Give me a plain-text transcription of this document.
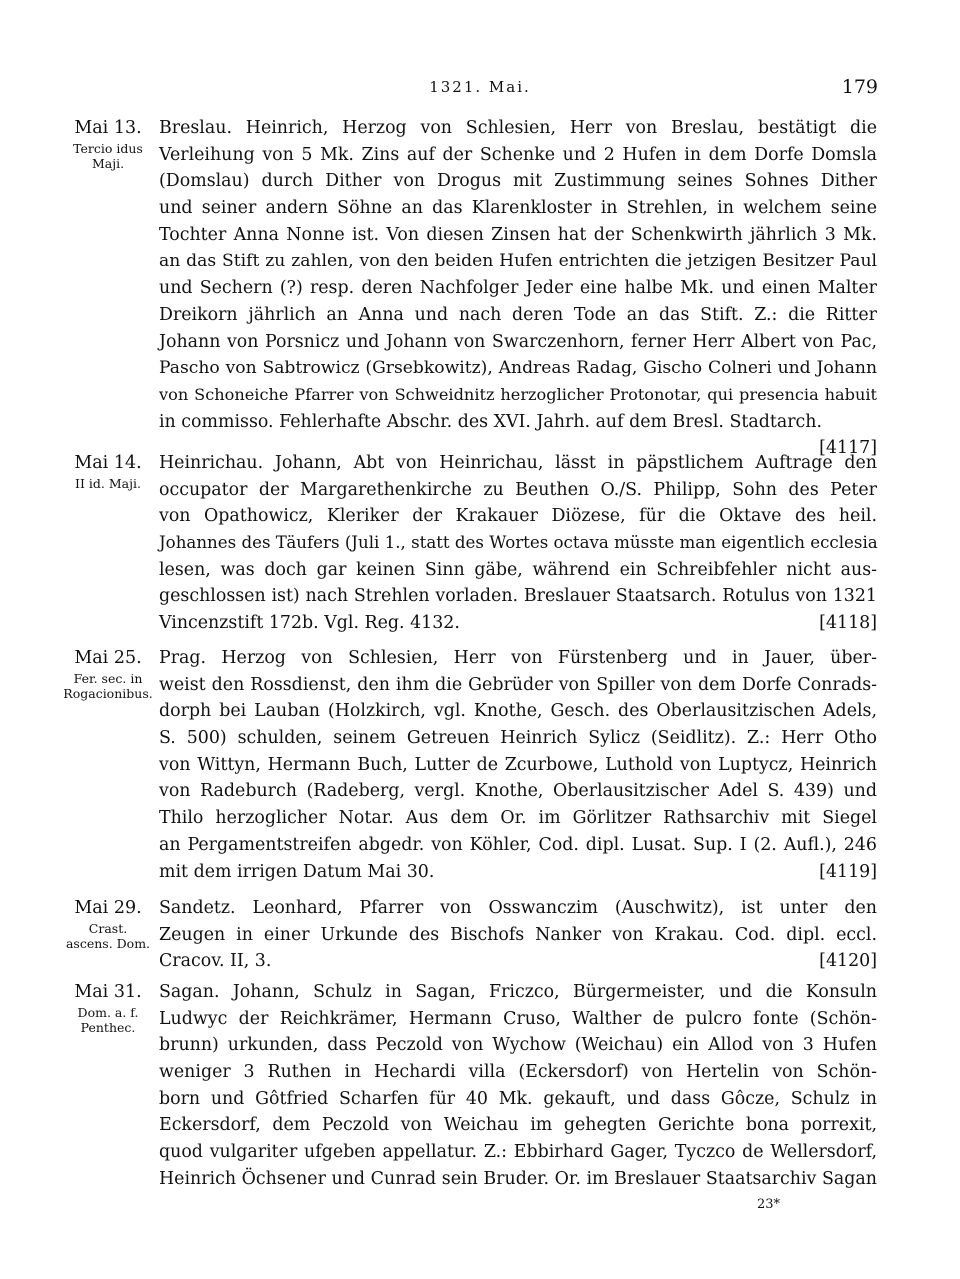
1321. Mai.	179
Mai 13.
Tercio idus
Maji.
Breslau. Heinrich, Herzog von Schlesien, Herr von Breslau, bestätigt die
Verleihung von 5 Mk. Zins auf der Schenke und 2 Hufen in dem Dorfe Domsla
(Domslau) durch Dither von Drogus mit Zustimmung seines Sohnes Dither
und seiner andern Söhne an das Klarenkloster in Strehlen, in welchem seine
Tochter Anna Nonne ist. Von diesen Zinsen hat der Schenkwirth jährlich 3 Mk.
an das Stift zu zahlen, von den beiden Hufen entrichten die jetzigen Besitzer Paul
und Sechern (?) resp. deren Nachfolger Jeder eine halbe Mk. und einen Malter
Dreikorn jährlich an Anna und nach deren Tode an das Stift. Z.: die Ritter
Johann von Porsnicz und Johann von Swarczenhorn, ferner Herr Albert von Pac,
Pascho von Sabtrowicz (Grsebkowitz), Andreas Radag, Gischo Colneri und Johann
von Schoneiche Pfarrer von Schweidnitz herzoglicher Protonotar, qui presencia habuit
in commisso. Fehlerhafte Abschr. des XVI. Jahrh. auf dem Bresl. Stadtarch.
[4117]
Mai 14.
II id. Maji.
Heinrichau. Johann, Abt von Heinrichau, lässt in päpstlichem Auftrage den
occupator der Margarethenkirche zu Beuthen O./S. Philipp, Sohn des Peter
von Opathowicz, Kleriker der Krakauer Diözese, für die Oktave des heil.
Johannes des Täufers (Juli 1., statt des Wortes octava müsste man eigentlich ecclesia
lesen, was doch gar keinen Sinn gäbe, während ein Schreibfehler nicht aus-
geschlossen ist) nach Strehlen vorladen. Breslauer Staatsarch. Rotulus von 1321
Vincenzstift 172b. Vgl. Reg. 4132.	[4118]
Mai 25.
Fer. sec. in
Rogacionibus.
Prag. Herzog von Schlesien, Herr von Fürstenberg und in Jauer, über-
weist den Rossdienst, den ihm die Gebrüder von Spiller von dem Dorfe Conrads-
dorph bei Lauban (Holzkirch, vgl. Knothe, Gesch. des Oberlausitzischen Adels,
S. 500) schulden, seinem Getreuen Heinrich Sylicz (Seidlitz). Z.: Herr Otho
von Wittyn, Hermann Buch, Lutter de Zcurbowe, Luthold von Luptycz, Heinrich
von Radeburch (Radeberg, vergl. Knothe, Oberlausitzischer Adel S. 439) und
Thilo herzoglicher Notar. Aus dem Or. im Görlitzer Rathsarchiv mit Siegel
an Pergamentstreifen abgedr. von Köhler, Cod. dipl. Lusat. Sup. I (2. Aufl.), 246
mit dem irrigen Datum Mai 30.	[4119]
Mai 29.
Crast.
ascens. Dom.
Sandetz. Leonhard, Pfarrer von Osswanczim (Auschwitz), ist unter den
Zeugen in einer Urkunde des Bischofs Nanker von Krakau. Cod. dipl. eccl.
Cracov. II, 3.	[4120]
Mai 31.
Dom. a. f.
Penthec.
Sagan. Johann, Schulz in Sagan, Friczco, Bürgermeister, und die Konsuln
Ludwyc der Reichkrämer, Hermann Cruso, Walther de pulcro fonte (Schön-
brunn) urkunden, dass Peczold von Wychow (Weichau) ein Allod von 3 Hufen
weniger 3 Ruthen in Hechardi villa (Eckersdorf) von Hertelin von Schön-
born und Gôtfried Scharfen für 40 Mk. gekauft, und dass Gôcze, Schulz in
Eckersdorf, dem Peczold von Weichau im gehegten Gerichte bona porrexit,
quod vulgariter ufgeben appellatur. Z.: Ebbirhard Gager, Tyczco de Wellersdorf,
Heinrich Öchsener und Cunrad sein Bruder. Or. im Breslauer Staatsarchiv Sagan
23*
